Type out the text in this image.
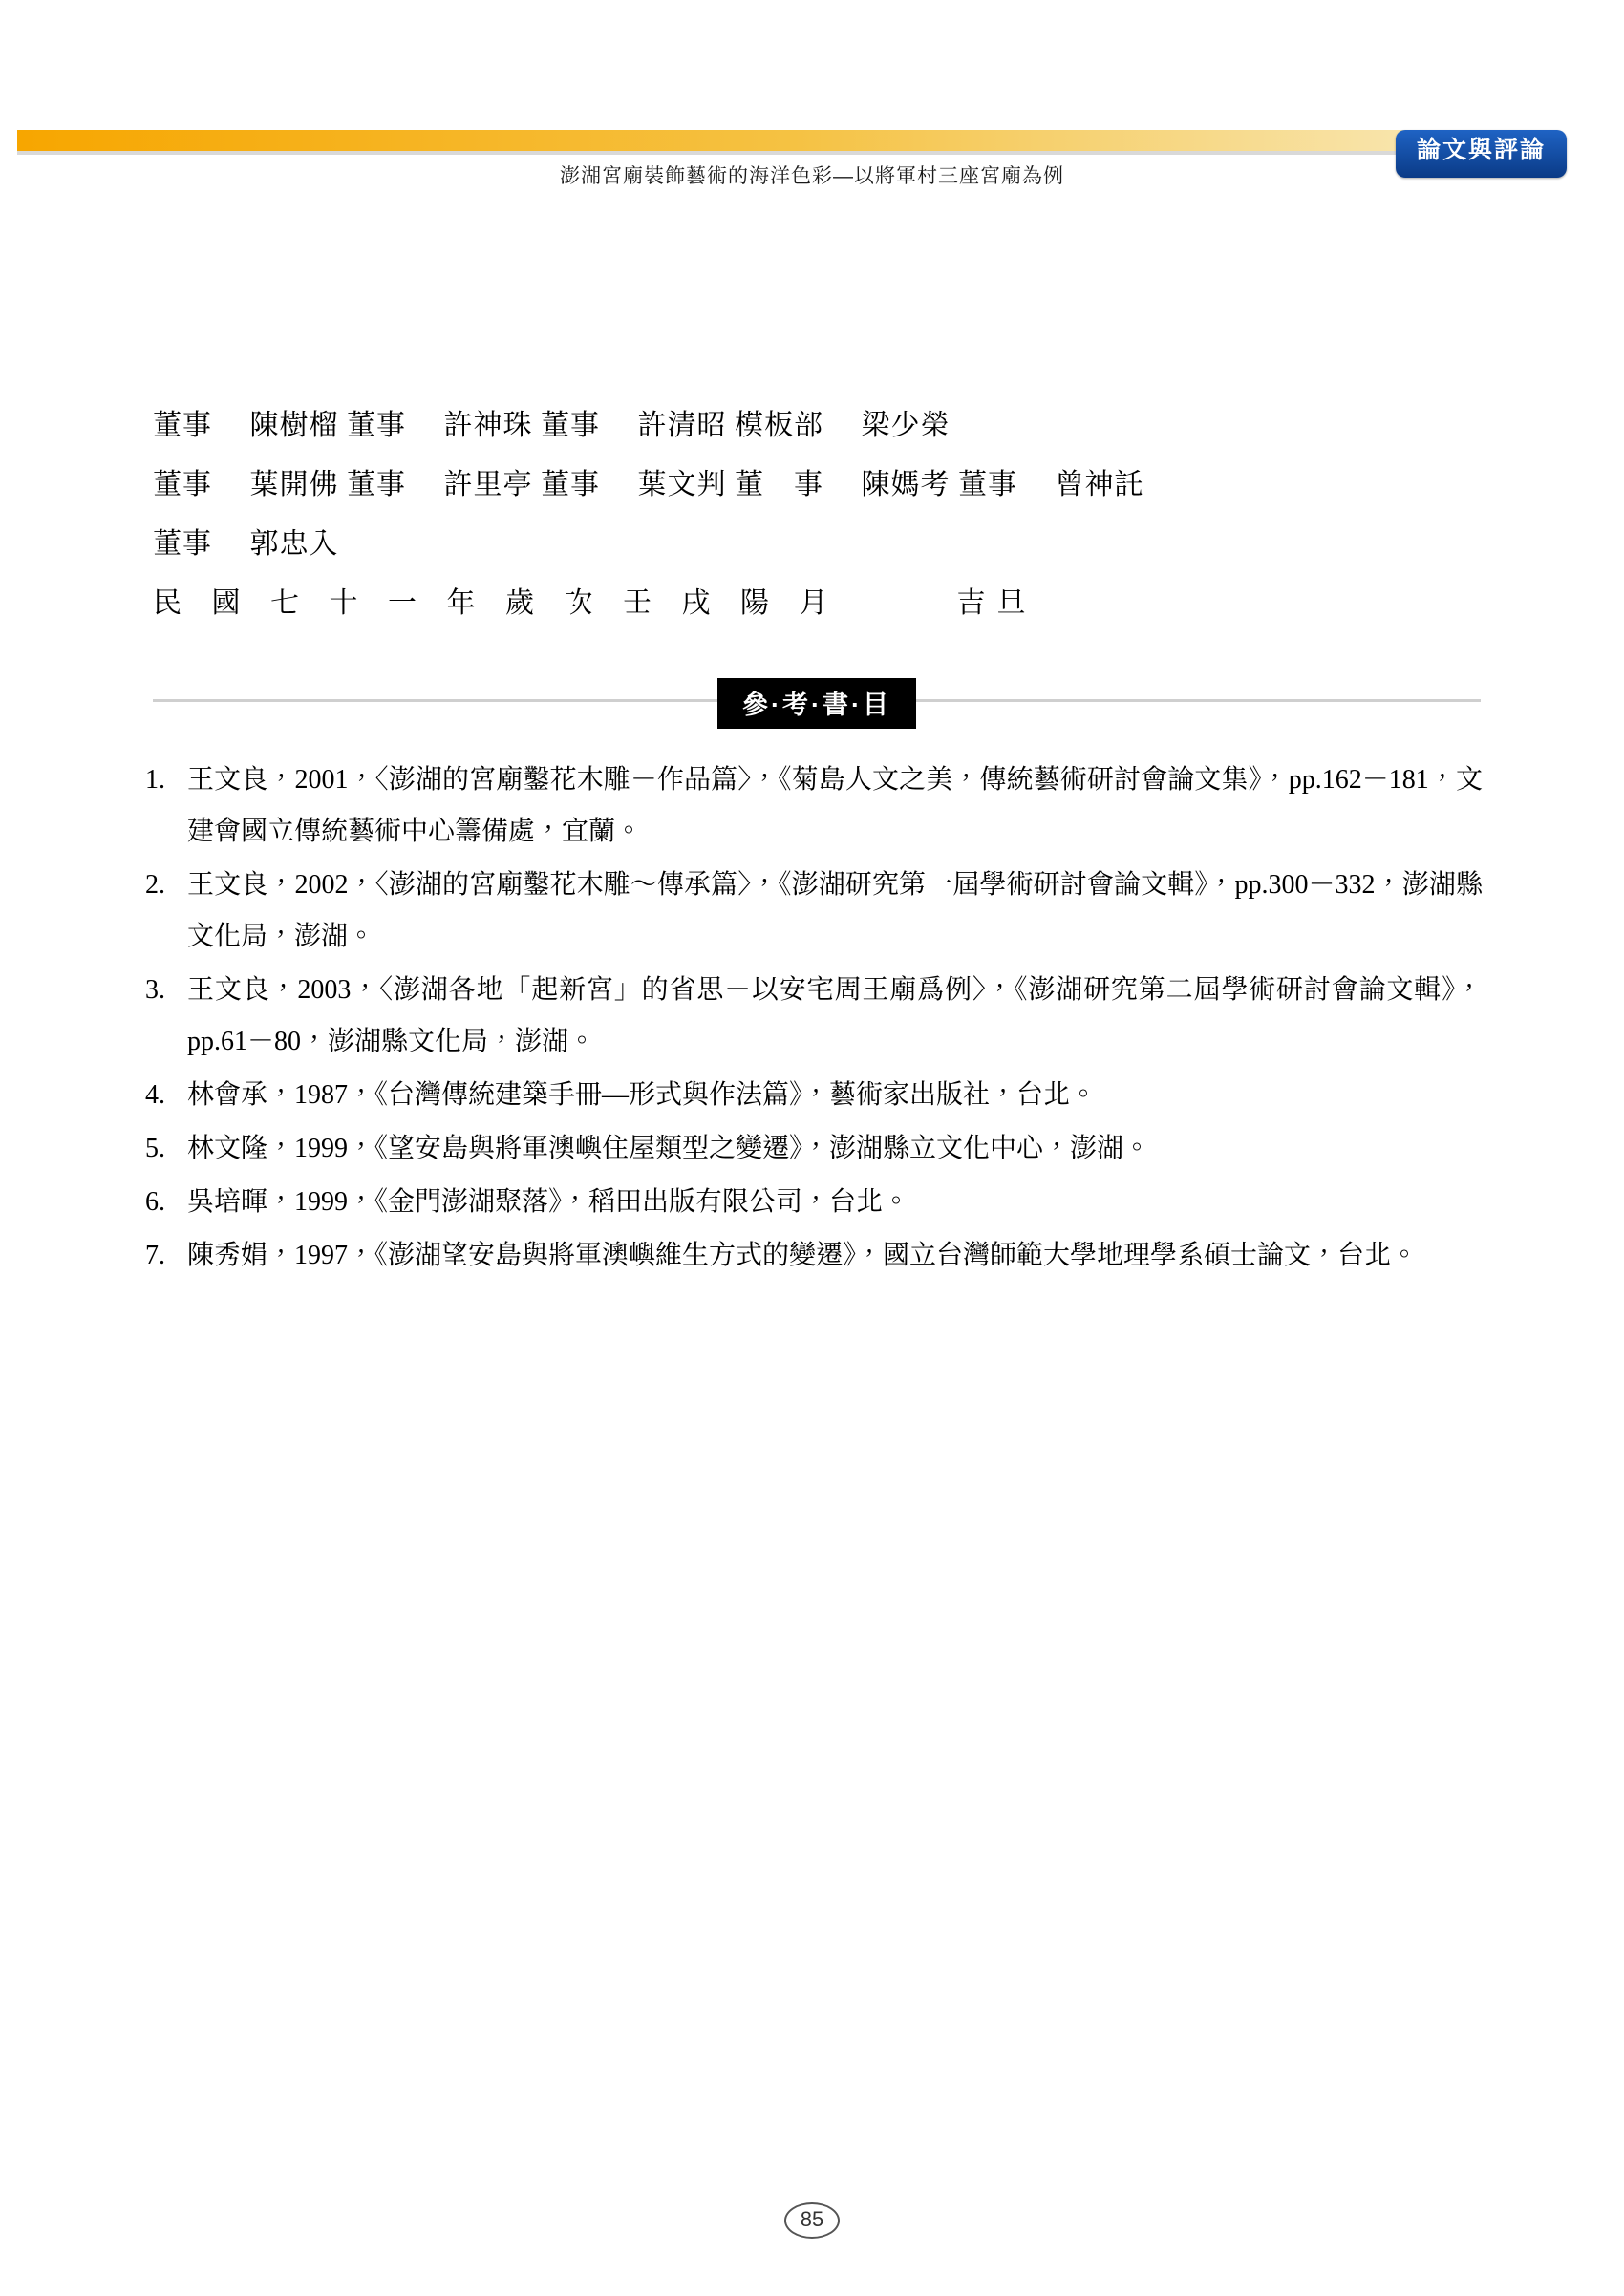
澎湖宮廟裝飾藝術的海洋色彩—以將軍村三座宮廟為例
論文與評論
董事　 陳樹榴 董事　 許神珠 董事　 許清昭 模板部　 梁少榮
董事　 葉開佛 董事　 許里亭 董事　 葉文判 董　事　 陳媽考 董事　 曾神託
董事　 郭忠入
民 國 七 十 一 年 歲 次 壬 戌 陽 月 　　 吉旦
參·考·書·目
1. 王文良，2001，〈澎湖的宮廟鑿花木雕－作品篇〉，《菊島人文之美，傳統藝術研討會論文集》，pp.162－181，文建會國立傳統藝術中心籌備處，宜蘭。
2. 王文良，2002，〈澎湖的宮廟鑿花木雕～傳承篇〉，《澎湖研究第一屆學術研討會論文輯》，pp.300－332，澎湖縣文化局，澎湖。
3. 王文良，2003，〈澎湖各地「起新宮」的省思－以安宅周王廟爲例〉，《澎湖研究第二屆學術研討會論文輯》，pp.61－80，澎湖縣文化局，澎湖。
4. 林會承，1987，《台灣傳統建築手冊—形式與作法篇》，藝術家出版社，台北。
5. 林文隆，1999，《望安島與將軍澳嶼住屋類型之變遷》，澎湖縣立文化中心，澎湖。
6. 吳培暉，1999，《金門澎湖聚落》，稻田出版有限公司，台北。
7. 陳秀娟，1997，《澎湖望安島與將軍澳嶼維生方式的變遷》，國立台灣師範大學地理學系碩士論文，台北。
85
